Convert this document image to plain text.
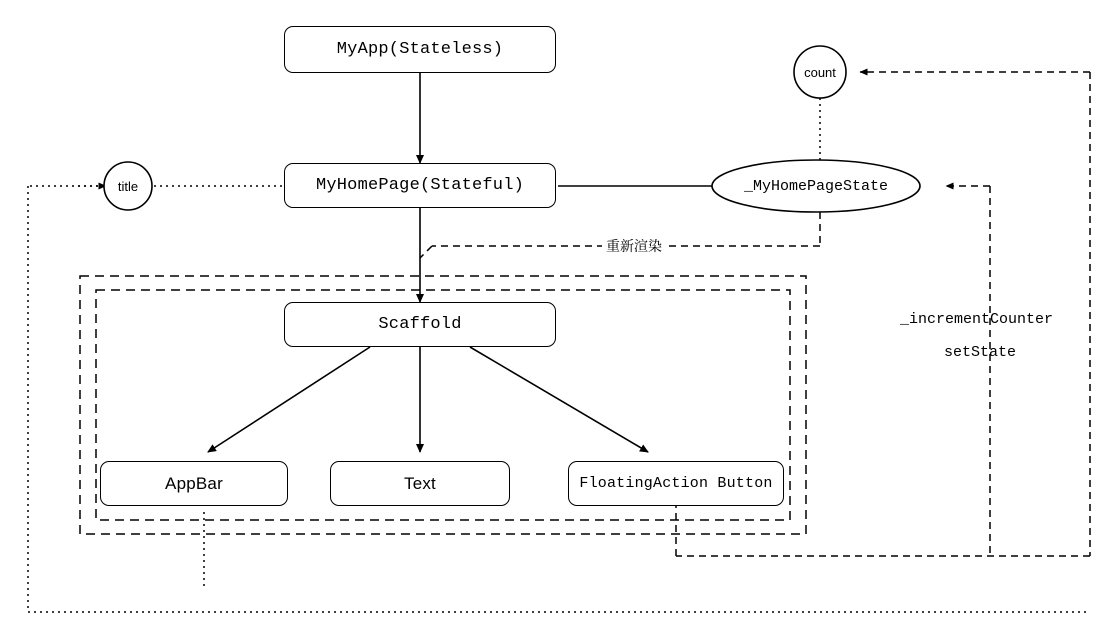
MyApp(Stateless)
MyHomePage(Stateful)	_MyHomePageState
count
title
Scaffold
AppBar	Text	FloatingAction Button
重新渲染
_incrementCounter
setState
